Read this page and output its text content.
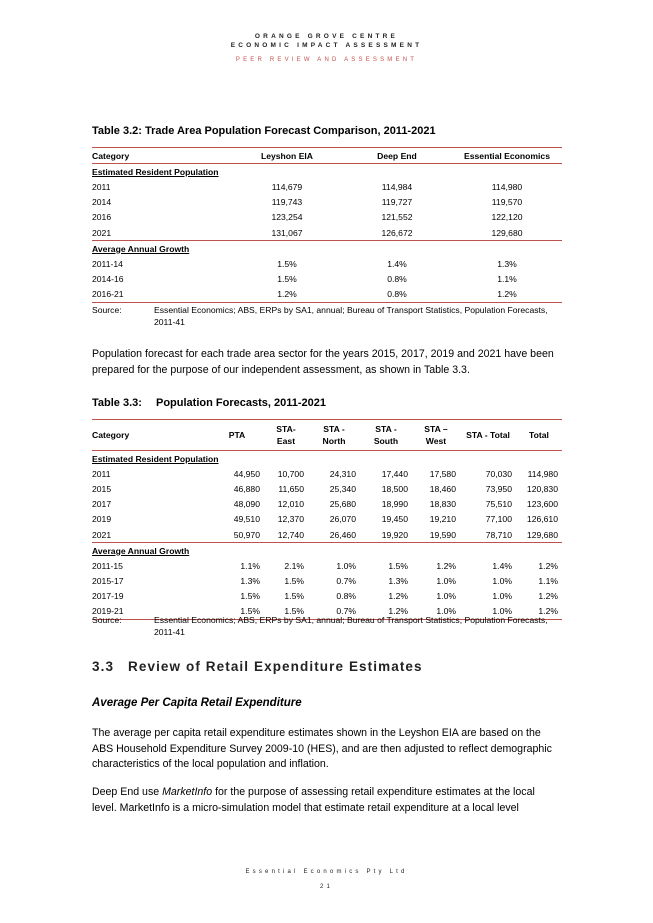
ORANGE GROVE CENTRE
ECONOMIC IMPACT ASSESSMENT
PEER REVIEW AND ASSESSMENT
Table 3.2: Trade Area Population Forecast Comparison, 2011-2021
Category	Leyshon EIA	Deep End	Essential Economics
Estimated Resident Population			
2011	114,679	114,984	114,980
2014	119,743	119,727	119,570
2016	123,254	121,552	122,120
2021	131,067	126,672	129,680
Average Annual Growth			
2011-14	1.5%	1.4%	1.3%
2014-16	1.5%	0.8%	1.1%
2016-21	1.2%	0.8%	1.2%
Source:	Essential Economics; ABS, ERPs by SA1, annual; Bureau of Transport Statistics, Population Forecasts, 2011-41
Population forecast for each trade area sector for the years 2015, 2017, 2019 and 2021 have been prepared for the purpose of our independent assessment, as shown in Table 3.3.
Table 3.3: Population Forecasts, 2011-2021
Category	PTA	STA- East	STA - North	STA - South	STA – West	STA - Total	Total
Estimated Resident Population							
2011	44,950	10,700	24,310	17,440	17,580	70,030	114,980
2015	46,880	11,650	25,340	18,500	18,460	73,950	120,830
2017	48,090	12,010	25,680	18,990	18,830	75,510	123,600
2019	49,510	12,370	26,070	19,450	19,210	77,100	126,610
2021	50,970	12,740	26,460	19,920	19,590	78,710	129,680
Average Annual Growth							
2011-15	1.1%	2.1%	1.0%	1.5%	1.2%	1.4%	1.2%
2015-17	1.3%	1.5%	0.7%	1.3%	1.0%	1.0%	1.1%
2017-19	1.5%	1.5%	0.8%	1.2%	1.0%	1.0%	1.2%
2019-21	1.5%	1.5%	0.7%	1.2%	1.0%	1.0%	1.2%
Source:	Essential Economics; ABS, ERPs by SA1, annual; Bureau of Transport Statistics, Population Forecasts, 2011-41
3.3 Review of Retail Expenditure Estimates
Average Per Capita Retail Expenditure
The average per capita retail expenditure estimates shown in the Leyshon EIA are based on the ABS Household Expenditure Survey 2009-10 (HES), and are then adjusted to reflect demographic characteristics of the local population and inflation.
Deep End use MarketInfo for the purpose of assessing retail expenditure estimates at the local level. MarketInfo is a micro-simulation model that estimate retail expenditure at a local level
Essential Economics Pty Ltd
21
